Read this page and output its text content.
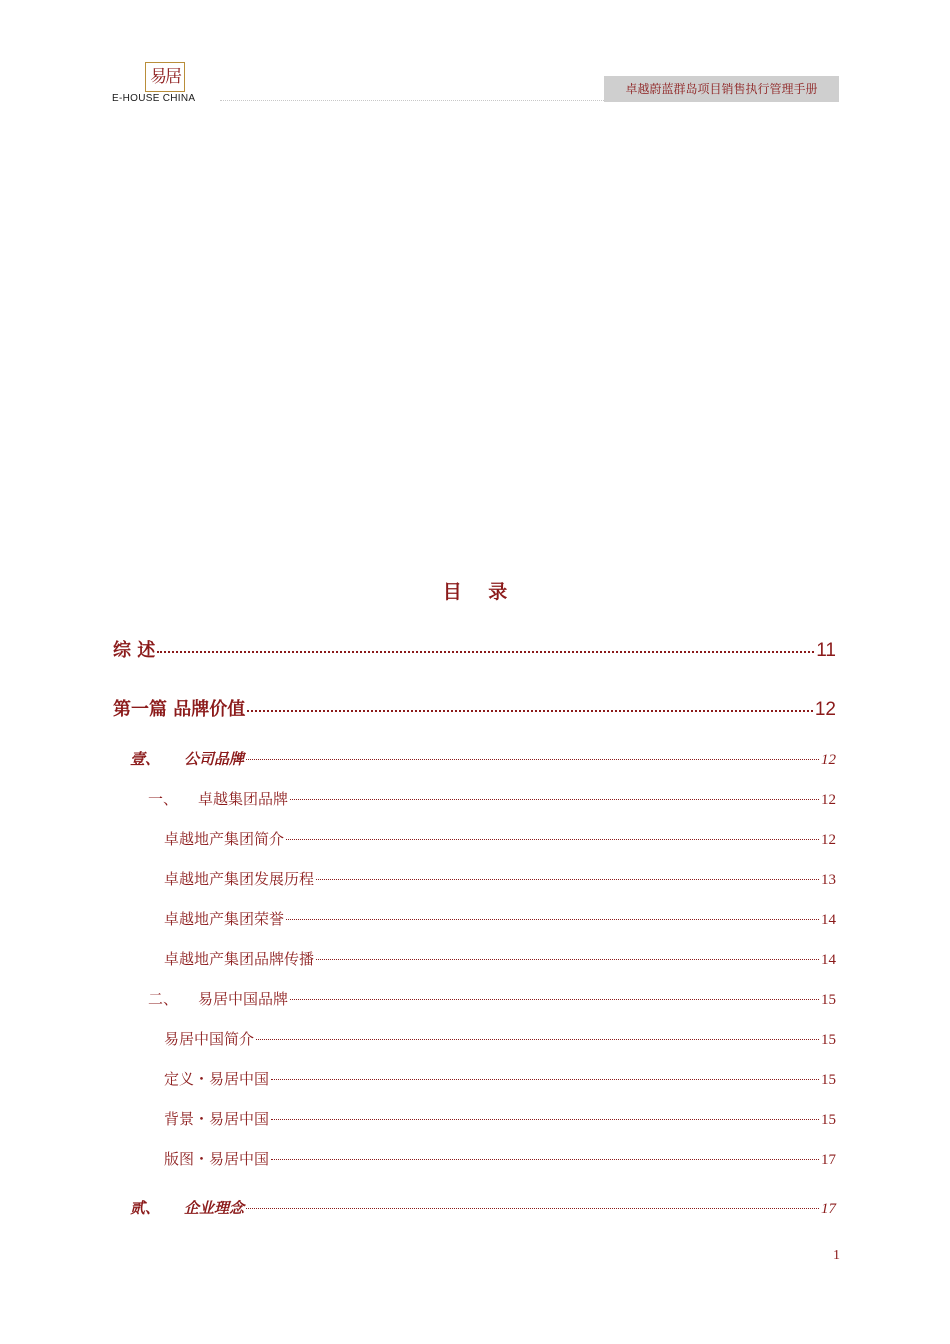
易居
E-HOUSE CHINA
卓越蔚蓝群岛项目销售执行管理手册
目 录
综 述	11
第一篇 品牌价值	12
壹、 公司品牌	12
一、 卓越集团品牌	12
卓越地产集团简介	12
卓越地产集团发展历程	13
卓越地产集团荣誉	14
卓越地产集团品牌传播	14
二、 易居中国品牌	15
易居中国简介	15
定义・易居中国	15
背景・易居中国	15
版图・易居中国	17
贰、 企业理念	17
1
